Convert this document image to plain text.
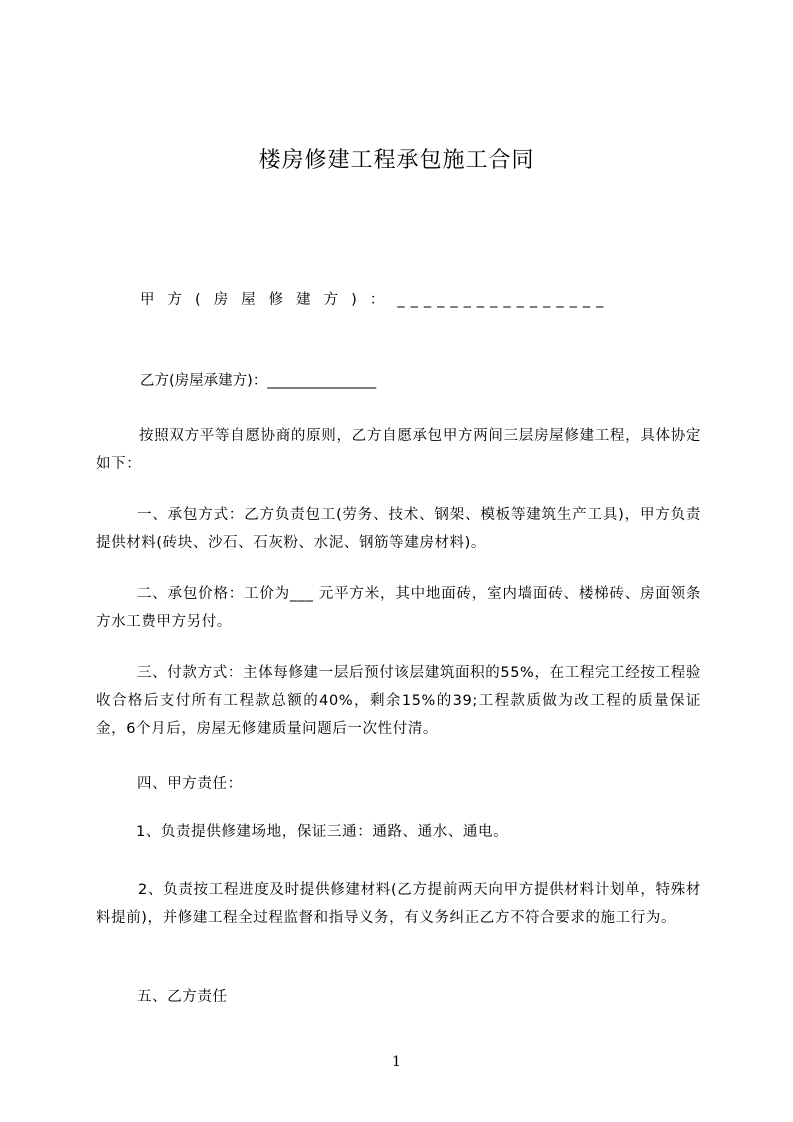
楼房修建工程承包施工合同
甲方(房屋修建方)：________________
乙方(房屋承建方)：_______________
按照双方平等自愿协商的原则，乙方自愿承包甲方两间三层房屋修建工程，具体协定如下：
一、承包方式：乙方负责包工(劳务、技术、钢架、模板等建筑生产工具)，甲方负责提供材料(砖块、沙石、石灰粉、水泥、钢筋等建房材料)。
二、承包价格：工价为___ 元平方米，其中地面砖，室内墙面砖、楼梯砖、房面领条方水工费甲方另付。
三、付款方式：主体每修建一层后预付该层建筑面积的55%，在工程完工经按工程验收合格后支付所有工程款总额的40%，剩余15%的39;工程款质做为改工程的质量保证金，6个月后，房屋无修建质量问题后一次性付清。
四、甲方责任：
1、负责提供修建场地，保证三通：通路、通水、通电。
2、负责按工程进度及时提供修建材料(乙方提前两天向甲方提供材料计划单，特殊材料提前)，并修建工程全过程监督和指导义务，有义务纠正乙方不符合要求的施工行为。
五、乙方责任
1
